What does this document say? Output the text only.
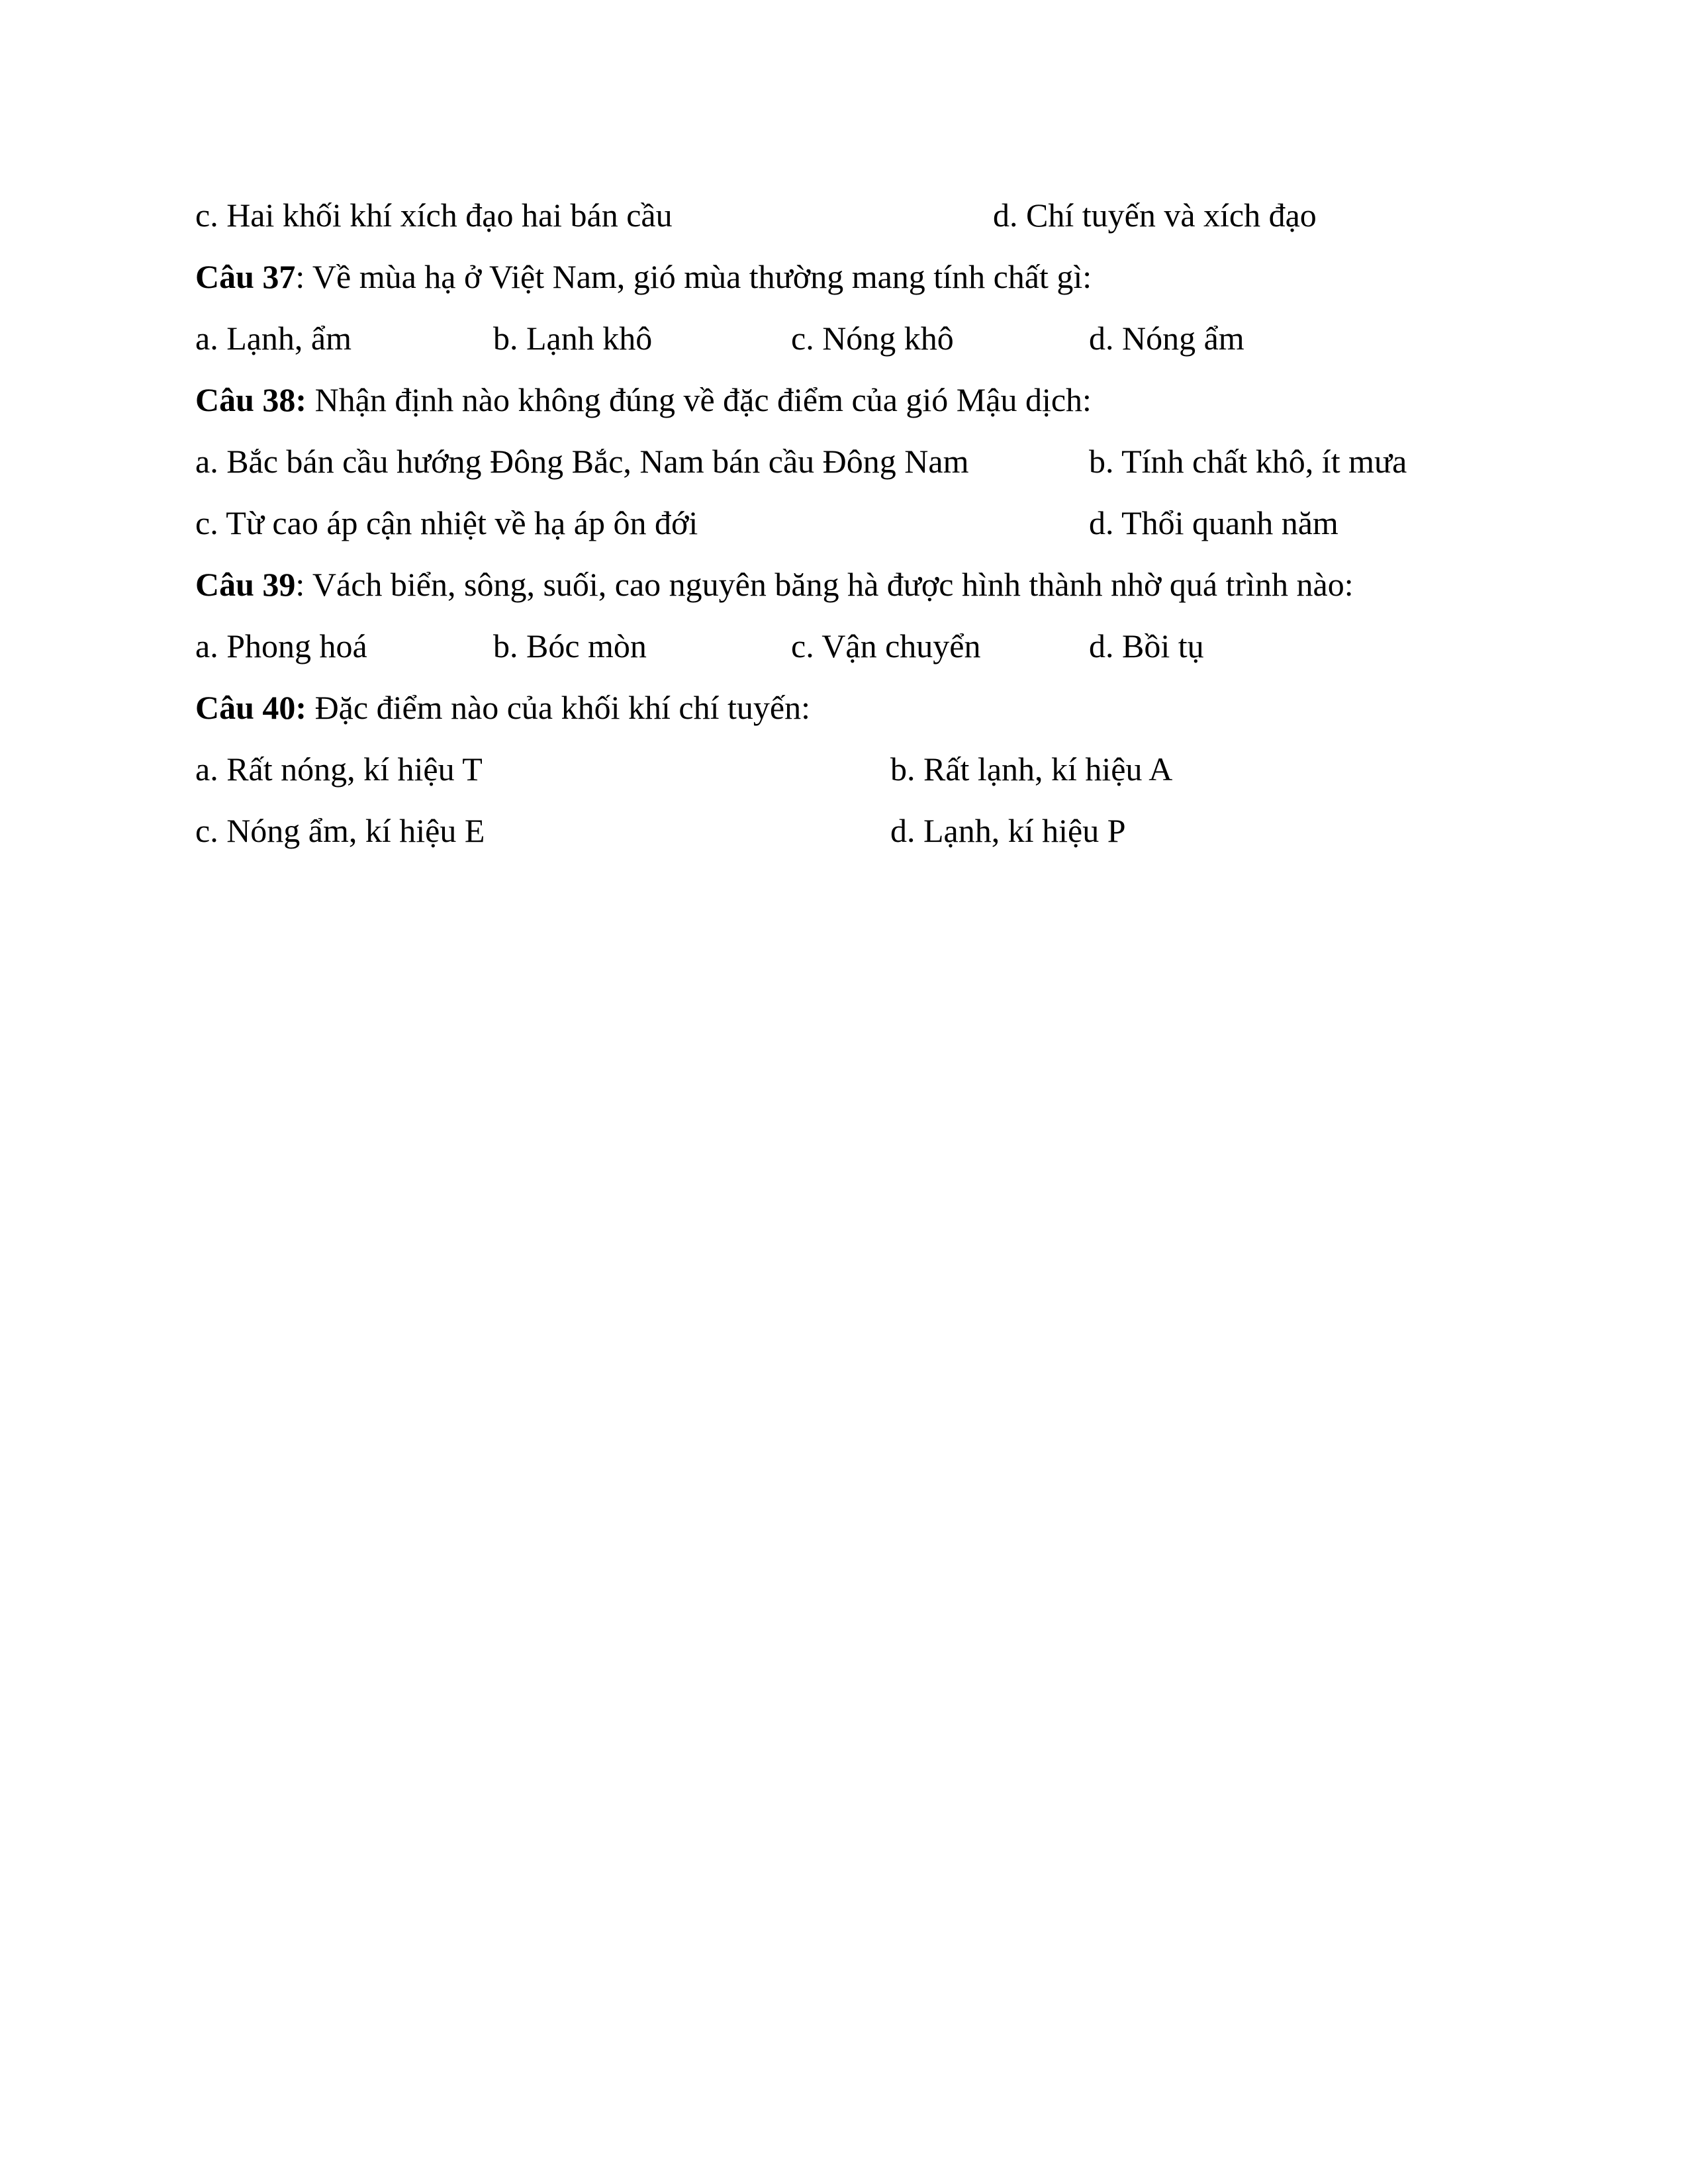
c. Hai khối khí xích đạo hai bán cầu	d. Chí tuyến và xích đạo
Câu 37: Về mùa hạ ở Việt Nam, gió mùa thường mang tính chất gì:
a. Lạnh, ẩm	b. Lạnh khô	c. Nóng khô	d. Nóng ẩm
Câu 38: Nhận định nào không đúng về đặc điểm của gió Mậu dịch:
a. Bắc bán cầu hướng Đông Bắc, Nam bán cầu Đông Nam	b. Tính chất khô, ít mưa
c. Từ cao áp cận nhiệt về hạ áp ôn đới	d. Thổi quanh năm
Câu 39: Vách biển, sông, suối, cao nguyên băng hà được hình thành nhờ quá trình nào:
a. Phong hoá	b. Bóc mòn	c. Vận chuyển	d. Bồi tụ
Câu 40: Đặc điểm nào của khối khí chí tuyến:
a. Rất nóng, kí hiệu T	b. Rất lạnh, kí hiệu A
c. Nóng ẩm, kí hiệu E	d. Lạnh, kí hiệu P
